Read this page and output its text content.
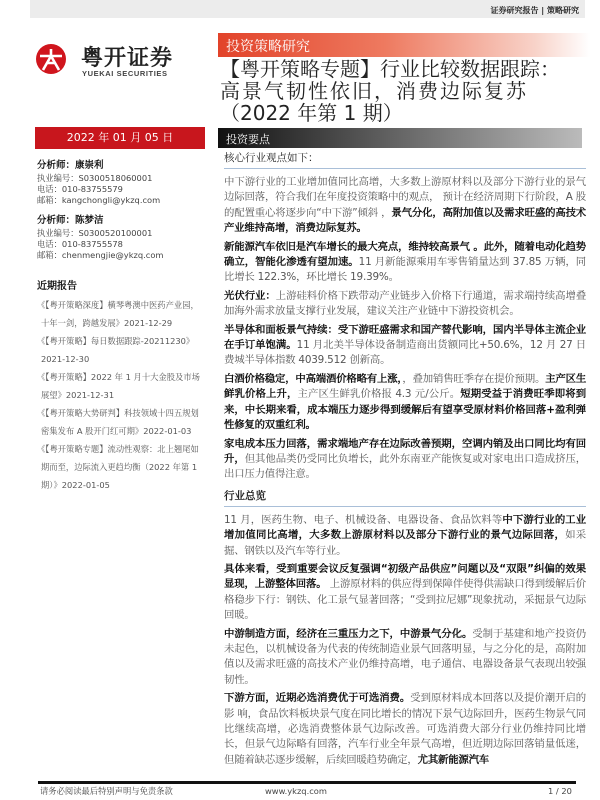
证券研究报告 | 策略研究
粤开证券
YUEKAI SECURITIES
投资策略研究
【粤开策略专题】行业比较数据跟踪：
高景气韧性依旧，消费边际复苏
（2022 年第 1 期）
2022 年 01 月 05 日	投资要点
分析师：康崇利
执业编号：S0300518060001
电话：010-83755579
邮箱：kangchongli@ykzq.com
分析师：陈梦洁
执业编号：S0300520100001
电话：010-83755578
邮箱：chenmengjie@ykzq.com
近期报告
《【粤开策略深度】横琴粤澳中医药产业园，十年一剑，跨越发展》2021-12-29
《【粤开策略】每日数据跟踪-20211230》2021-12-30
《【粤开策略】2022 年 1 月十大金股及市场展望》2021-12-31
《【粤开策略大势研判】科技领域十四五规划密集发布 A 股开门红可期》2022-01-03
《【粤开策略专题】流动性观察：北上翘尾如期而至，边际流入更趋均衡（2022 年第 1 期）》2022-01-05
核心行业观点如下：
中下游行业的工业增加值同比高增，大多数上游原材料以及部分下游行业的景气边际回落，符合我们在年度投资策略中的观点， 预计在经济周期下行阶段，A 股的配置重心将逐步向“中下游”倾斜 ，景气分化，高附加值以及需求旺盛的高技术产业维持高增，消费边际复苏。
新能源汽车依旧是汽车增长的最大亮点，维持较高景气 。此外，随着电动化趋势确立，智能化渗透有望加速。11 月新能源乘用车零售销量达到 37.85 万辆，同比增长 122.3%，环比增长 19.39%。
光伏行业：上游硅料价格下跌带动产业链步入价格下行通道，需求端持续高增叠加海外需求放量支撑行业发展，建议关注产业链中下游投资机会。
半导体和面板景气持续：受下游旺盛需求和国产替代影响，国内半导体主流企业在手订单饱满。11 月北美半导体设备制造商出货额同比+50.6%，12 月 27 日费城半导体指数 4039.512 创新高。
白酒价格稳定，中高端酒价格略有上涨，，叠加销售旺季存在提价预期。主产区生鲜乳价格上升，主产区生鲜乳价格报 4.3 元/公斤。短期受益于消费旺季即将到来，中长期来看，成本端压力逐步得到缓解后有望享受原材料价格回落+盈利弹性修复的双重红利。
家电成本压力回落，需求端地产存在边际改善预期，空调内销及出口同比均有回升，但其他品类仍受同比负增长，此外东南亚产能恢复或对家电出口造成挤压，出口压力值得注意。
行业总览
11 月，医药生物、电子、机械设备、电器设备、食品饮料等中下游行业的工业增加值同比高增，大多数上游原材料以及部分下游行业的景气边际回落，如采掘、钢铁以及汽车等行业。
具体来看，受到重要会议反复强调“初级产品供应”问题以及“双限”纠偏的效果显现，上游整体回落。 上游原材料的供应得到保障伴使得供需缺口得到缓解后价格稳步下行：钢铁、化工景气显著回落；“受到拉尼娜”现象扰动，采掘景气边际回暖。
中游制造方面，经济在三重压力之下，中游景气分化。受制于基建和地产投资仍未起色，以机械设备为代表的传统制造业景气回落明显，与之分化的是，高附加值以及需求旺盛的高技术产业仍维持高增，电子通信、电器设备景气表现出较强韧性。
下游方面，近期必选消费优于可选消费。受到原材料成本回落以及提价潮开启的影 响，食品饮料板块景气度在同比增长的情况下景气边际回升，医药生物景气同比继续高增，必选消费整体景气边际改善。可选消费大部分行业仍维持同比增长，但景气边际略有回落，汽车行业全年景气高增，但近期边际回落销量低迷，但随着缺芯逐步缓解，后续回暖趋势确定，尤其新能源汽车
请务必阅读最后特别声明与免责条款	www.ykzq.com	1 / 20
